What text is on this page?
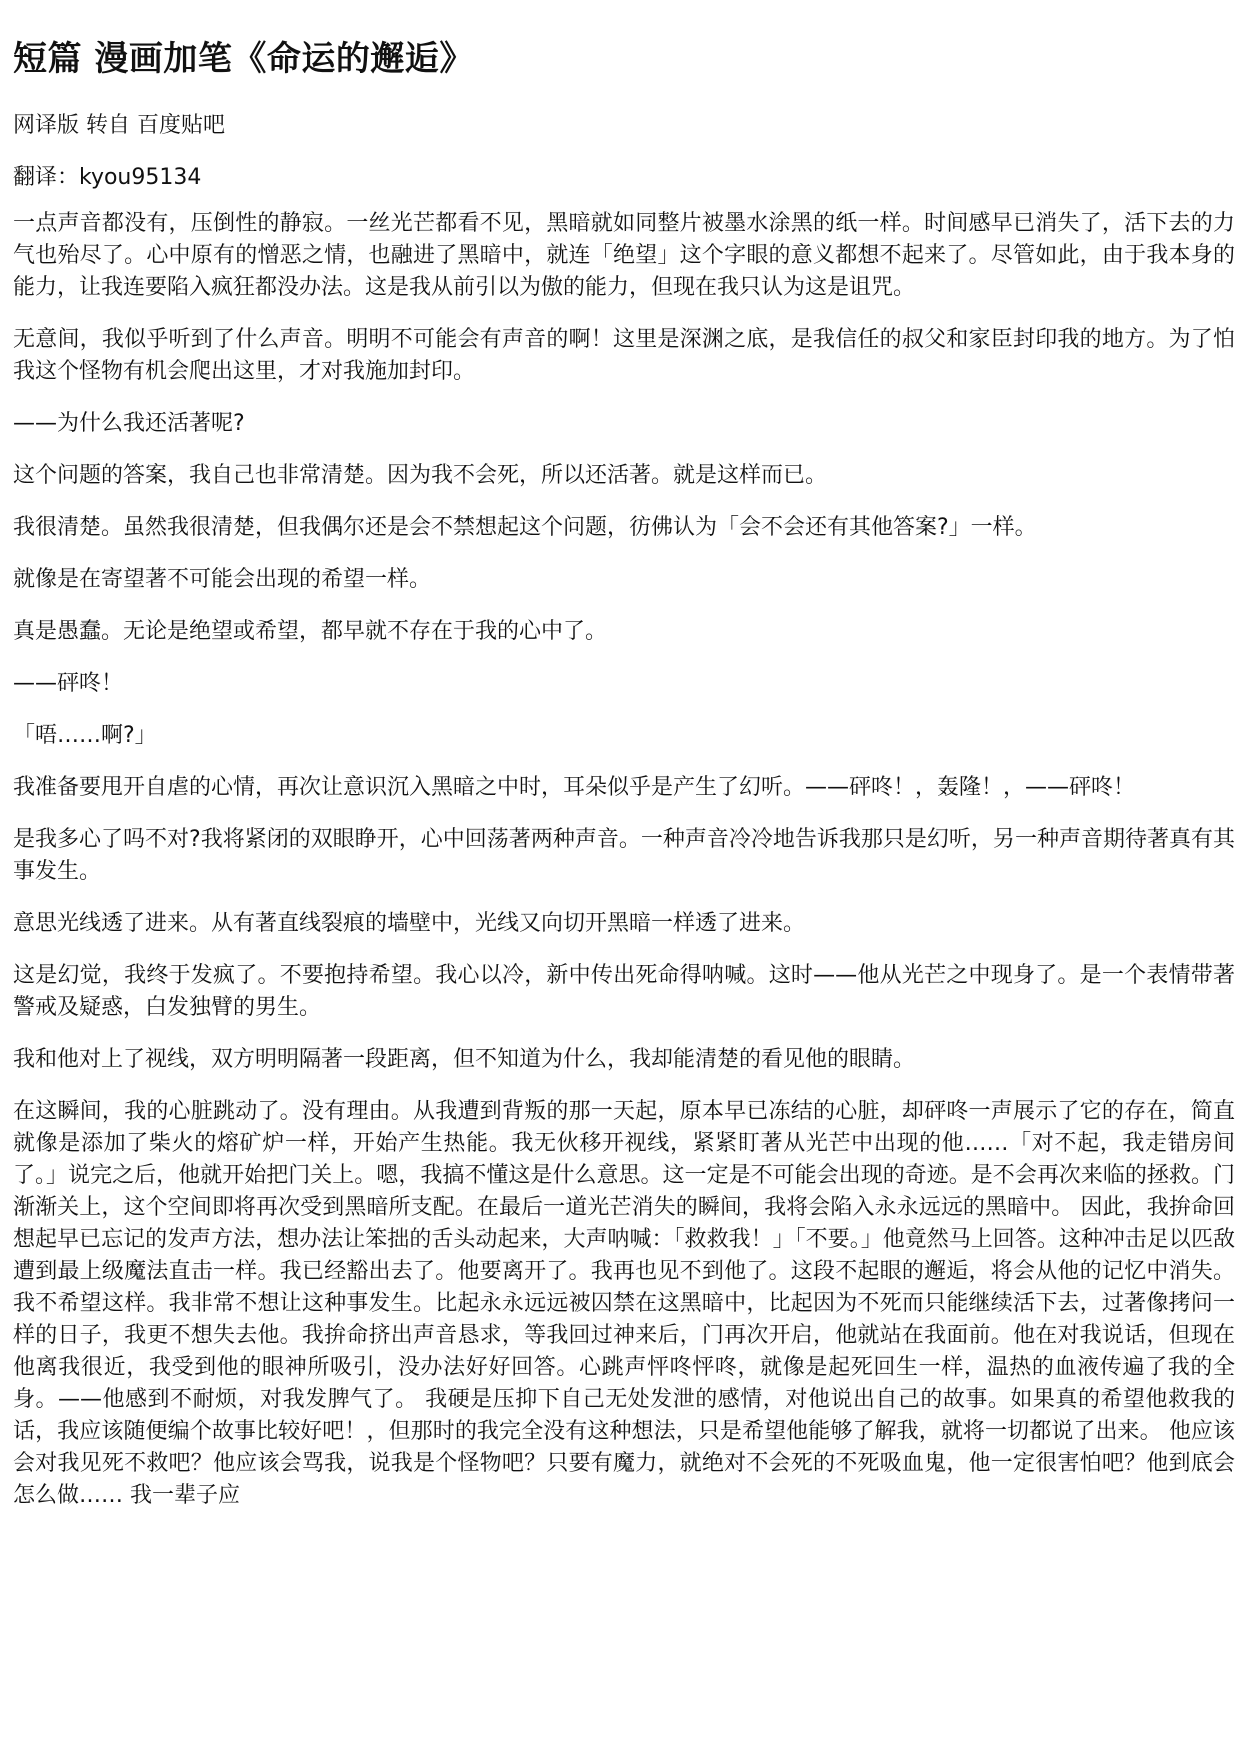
短篇 漫画加笔《命运的邂逅》

网译版 转自 百度贴吧

翻译：kyou95134

一点声音都没有，压倒性的静寂。一丝光芒都看不见，黑暗就如同整片被墨水涂黑的纸一样。时间感早已消失了，活下去的力气也殆尽了。心中原有的憎恶之情，也融进了黑暗中，就连「绝望」这个字眼的意义都想不起来了。尽管如此，由于我本身的能力，让我连要陷入疯狂都没办法。这是我从前引以为傲的能力，但现在我只认为这是诅咒。

无意间，我似乎听到了什么声音。明明不可能会有声音的啊！这里是深渊之底，是我信任的叔父和家臣封印我的地方。为了怕我这个怪物有机会爬出这里，才对我施加封印。

——为什么我还活著呢?

这个问题的答案，我自己也非常清楚。因为我不会死，所以还活著。就是这样而已。

我很清楚。虽然我很清楚，但我偶尔还是会不禁想起这个问题，彷佛认为「会不会还有其他答案?」一样。

就像是在寄望著不可能会出现的希望一样。

真是愚蠢。无论是绝望或希望，都早就不存在于我的心中了。

——砰咚！

「唔……啊?」

我准备要甩开自虐的心情，再次让意识沉入黑暗之中时，耳朵似乎是产生了幻听。——砰咚！，轰隆！，——砰咚！

是我多心了吗不对?我将紧闭的双眼睁开，心中回荡著两种声音。一种声音冷冷地告诉我那只是幻听，另一种声音期待著真有其事发生。

意思光线透了进来。从有著直线裂痕的墙壁中，光线又向切开黑暗一样透了进来。

这是幻觉，我终于发疯了。不要抱持希望。我心以冷，新中传出死命得呐喊。这时——他从光芒之中现身了。是一个表情带著警戒及疑惑，白发独臂的男生。

我和他对上了视线，双方明明隔著一段距离，但不知道为什么，我却能清楚的看见他的眼睛。

在这瞬间，我的心脏跳动了。没有理由。从我遭到背叛的那一天起，原本早已冻结的心脏，却砰咚一声展示了它的存在，简直就像是添加了柴火的熔矿炉一样，开始产生热能。我无伙移开视线，紧紧盯著从光芒中出现的他……「对不起，我走错房间了。」说完之后，他就开始把门关上。嗯，我搞不懂这是什么意思。这一定是不可能会出现的奇迹。是不会再次来临的拯救。门渐渐关上，这个空间即将再次受到黑暗所支配。在最后一道光芒消失的瞬间，我将会陷入永永远远的黑暗中。 因此，我拚命回想起早已忘记的发声方法，想办法让笨拙的舌头动起来，大声呐喊：「救救我！」「不要。」他竟然马上回答。这种冲击足以匹敌遭到最上级魔法直击一样。我已经豁出去了。他要离开了。我再也见不到他了。这段不起眼的邂逅，将会从他的记忆中消失。我不希望这样。我非常不想让这种事发生。比起永永远远被囚禁在这黑暗中，比起因为不死而只能继续活下去，过著像拷问一样的日子，我更不想失去他。我拚命挤出声音恳求，等我回过神来后，门再次开启，他就站在我面前。他在对我说话，但现在他离我很近，我受到他的眼神所吸引，没办法好好回答。心跳声怦咚怦咚，就像是起死回生一样，温热的血液传遍了我的全身。——他感到不耐烦，对我发脾气了。 我硬是压抑下自己无处发泄的感情，对他说出自己的故事。如果真的希望他救我的话，我应该随便编个故事比较好吧！，但那时的我完全没有这种想法，只是希望他能够了解我，就将一切都说了出来。 他应该会对我见死不救吧？他应该会骂我，说我是个怪物吧？只要有魔力，就绝对不会死的不死吸血鬼，他一定很害怕吧？他到底会怎么做…… 我一辈子应
